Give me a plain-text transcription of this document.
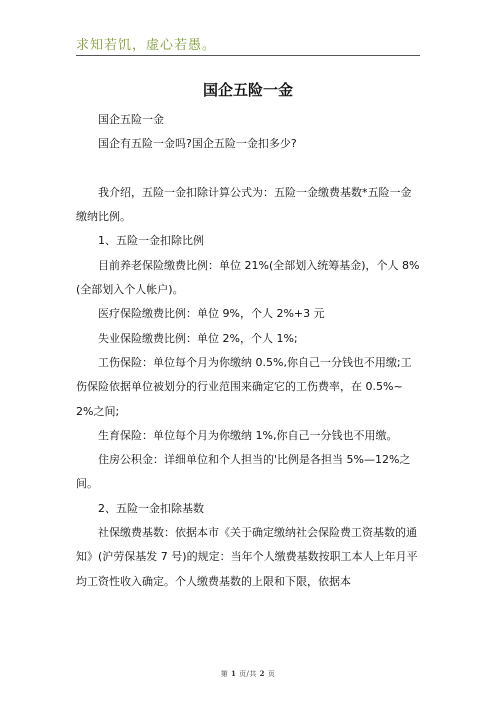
求知若饥，虚心若愚。
国企五险一金

国企五险一金

国企有五险一金吗?国企五险一金扣多少?

我介绍，五险一金扣除计算公式为：五险一金缴费基数*五险一金缴纳比例。

1、五险一金扣除比例

目前养老保险缴费比例：单位 21%(全部划入统筹基金)，个人 8%(全部划入个人帐户)。

医疗保险缴费比例：单位 9%，个人 2%+3 元

失业保险缴费比例：单位 2%，个人 1%;

工伤保险：单位每个月为你缴纳 0.5%,你自己一分钱也不用缴;工伤保险依据单位被划分的行业范围来确定它的工伤费率，在 0.5%~2%之间;

生育保险：单位每个月为你缴纳 1%,你自己一分钱也不用缴。

住房公积金：详细单位和个人担当的'比例是各担当 5%—12%之间。

2、五险一金扣除基数

社保缴费基数：依据本市《关于确定缴纳社会保险费工资基数的通知》(沪劳保基发 7 号)的规定：当年个人缴费基数按职工本人上年月平均工资性收入确定。个人缴费基数的上限和下限，依据本

第 1 页/共 2 页
